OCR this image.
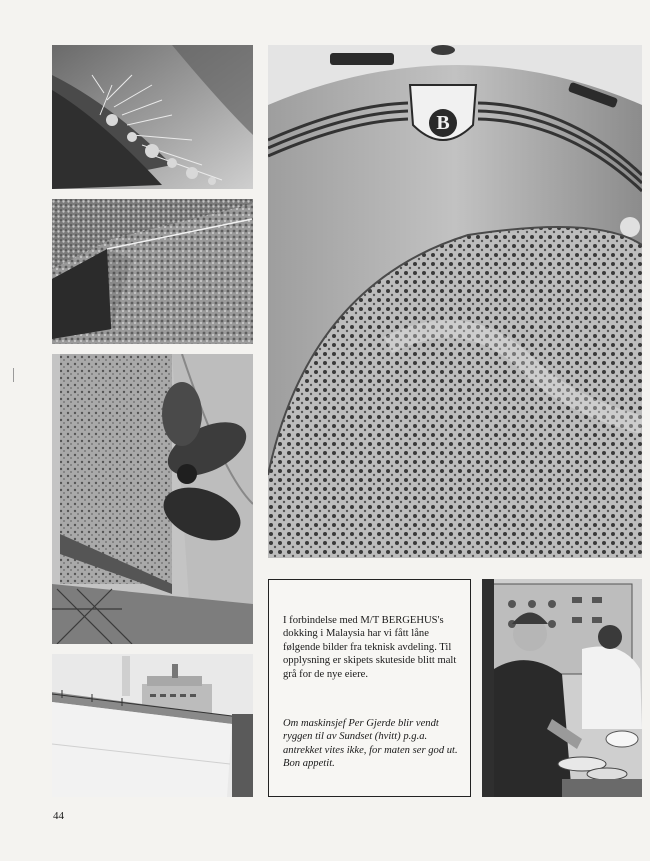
B

I forbindelse med M/T BERGEHUS's dokking i Malaysia har vi fått låne følgende bilder fra teknisk avdeling. Til opplysning er skipets skuteside blitt malt grå for de nye eiere.

Om maskinsjef Per Gjerde blir vendt ryggen til av Sundset (hvitt) p.g.a. antrekket vites ikke, for maten ser god ut. Bon appetit.

44
